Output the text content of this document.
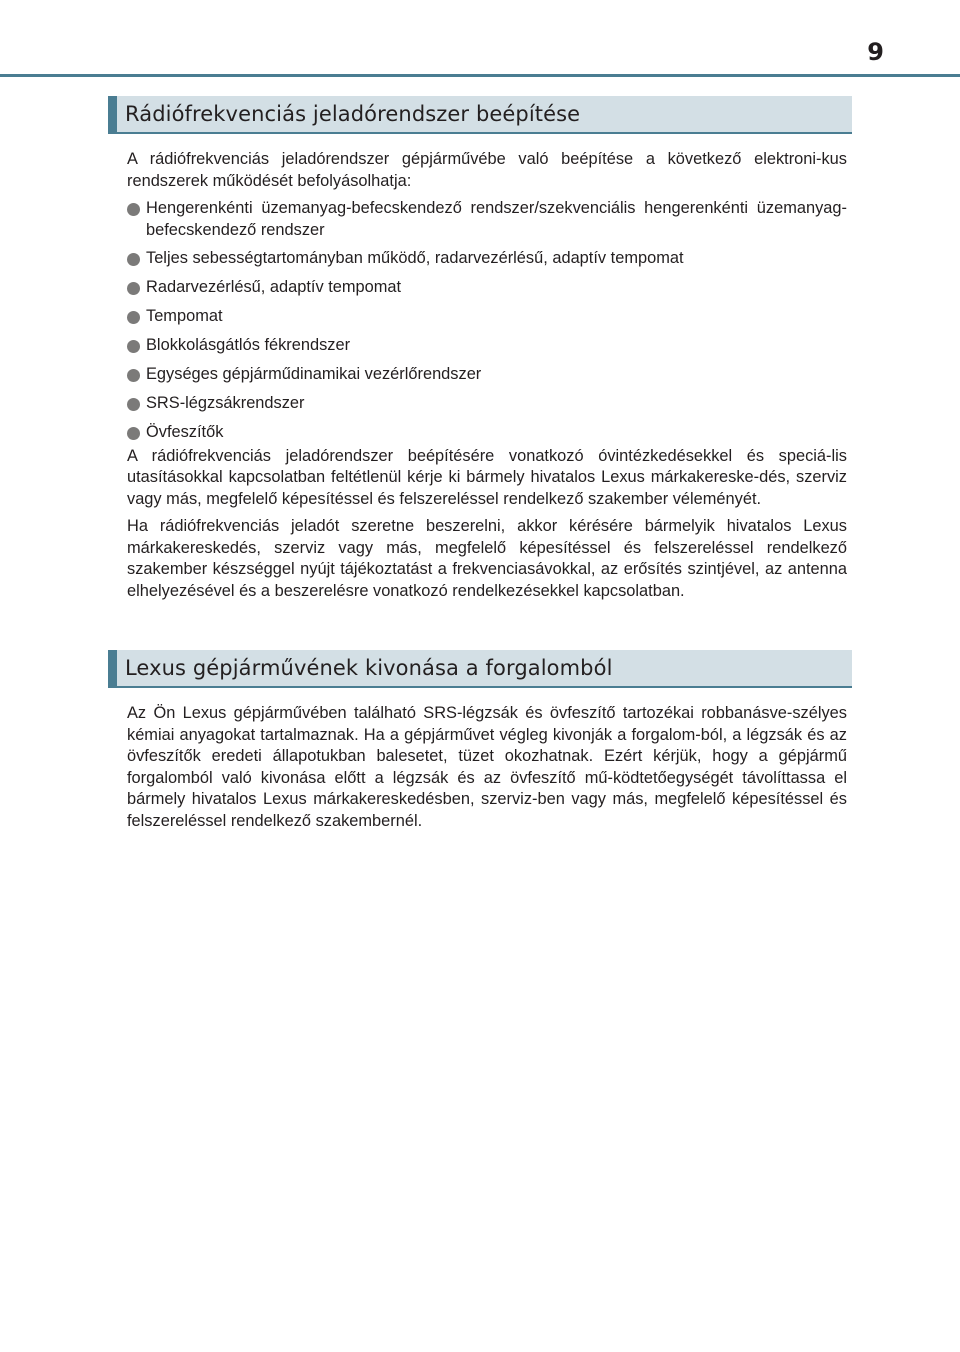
9
Rádiófrekvenciás jeladórendszer beépítése

A rádiófrekvenciás jeladórendszer gépjárművébe való beépítése a következő elektroni-kus rendszerek működését befolyásolhatja:

Hengerenkénti üzemanyag-befecskendező rendszer/szekvenciális hengerenkénti üzemanyag-befecskendező rendszer
Teljes sebességtartományban működő, radarvezérlésű, adaptív tempomat
Radarvezérlésű, adaptív tempomat
Tempomat
Blokkolásgátlós fékrendszer
Egységes gépjárműdinamikai vezérlőrendszer
SRS-légzsákrendszer
Övfeszítők

A rádiófrekvenciás jeladórendszer beépítésére vonatkozó óvintézkedésekkel és speciá-lis utasításokkal kapcsolatban feltétlenül kérje ki bármely hivatalos Lexus márkakereske-dés, szerviz vagy más, megfelelő képesítéssel és felszereléssel rendelkező szakember véleményét.

Ha rádiófrekvenciás jeladót szeretne beszerelni, akkor kérésére bármelyik hivatalos Lexus márkakereskedés, szerviz vagy más, megfelelő képesítéssel és felszereléssel rendelkező szakember készséggel nyújt tájékoztatást a frekvenciasávokkal, az erősítés szintjével, az antenna elhelyezésével és a beszerelésre vonatkozó rendelkezésekkel kapcsolatban.

Lexus gépjárművének kivonása a forgalomból

Az Ön Lexus gépjárművében található SRS-légzsák és övfeszítő tartozékai robbanásve-szélyes kémiai anyagokat tartalmaznak. Ha a gépjárművet végleg kivonják a forgalom-ból, a légzsák és az övfeszítők eredeti állapotukban balesetet, tüzet okozhatnak. Ezért kérjük, hogy a gépjármű forgalomból való kivonása előtt a légzsák és az övfeszítő mű-ködtetőegységét távolíttassa el bármely hivatalos Lexus márkakereskedésben, szerviz-ben vagy más, megfelelő képesítéssel és felszereléssel rendelkező szakembernél.
